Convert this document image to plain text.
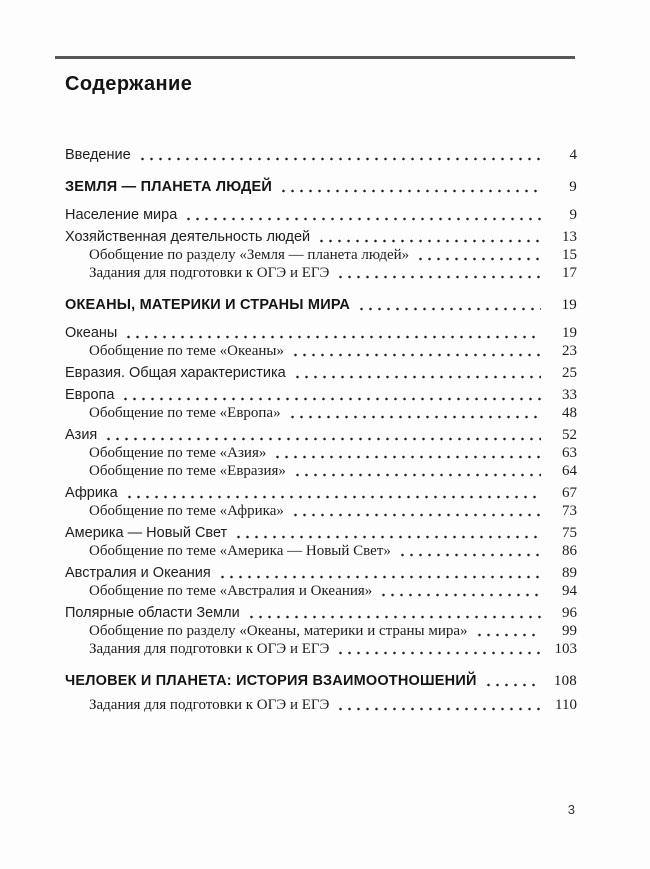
Содержание
Введение	4
ЗЕМЛЯ — ПЛАНЕТА ЛЮДЕЙ	9
Население мира	9
Хозяйственная деятельность людей	13
Обобщение по разделу «Земля — планета людей»	15
Задания для подготовки к ОГЭ и ЕГЭ	17
ОКЕАНЫ, МАТЕРИКИ И СТРАНЫ МИРА	19
Океаны	19
Обобщение по теме «Океаны»	23
Евразия. Общая характеристика	25
Европа	33
Обобщение по теме «Европа»	48
Азия	52
Обобщение по теме «Азия»	63
Обобщение по теме «Евразия»	64
Африка	67
Обобщение по теме «Африка»	73
Америка — Новый Свет	75
Обобщение по теме «Америка — Новый Свет»	86
Австралия и Океания	89
Обобщение по теме «Австралия и Океания»	94
Полярные области Земли	96
Обобщение по разделу «Океаны, материки и страны мира»	99
Задания для подготовки к ОГЭ и ЕГЭ	103
ЧЕЛОВЕК И ПЛАНЕТА: ИСТОРИЯ ВЗАИМООТНОШЕНИЙ	108
Задания для подготовки к ОГЭ и ЕГЭ	110
3
